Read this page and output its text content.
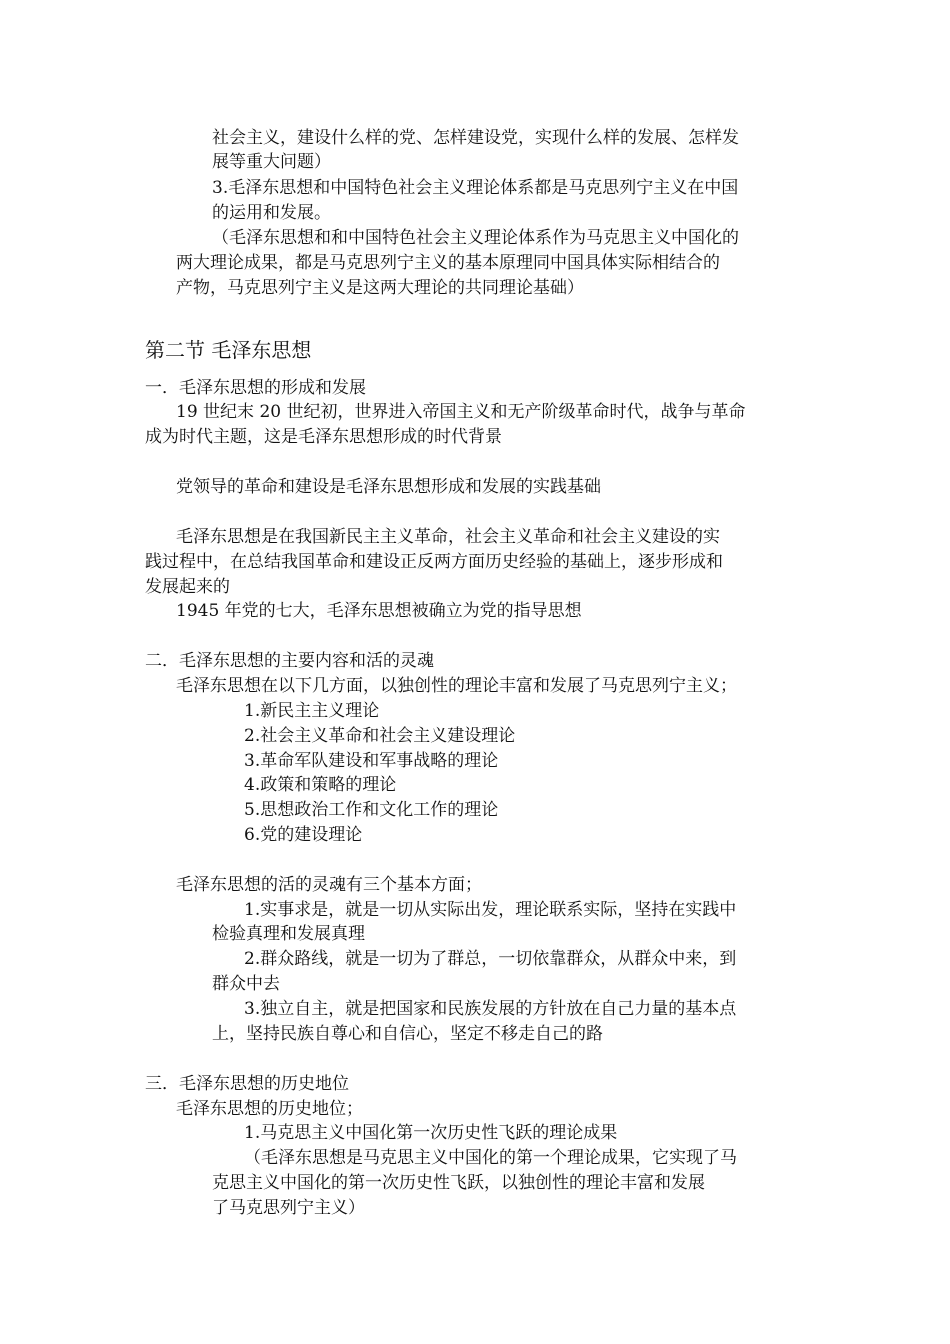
社会主义，建设什么样的党、怎样建设党，实现什么样的发展、怎样发
展等重大问题）
3.毛泽东思想和中国特色社会主义理论体系都是马克思列宁主义在中国
的运用和发展。
（毛泽东思想和和中国特色社会主义理论体系作为马克思主义中国化的
两大理论成果，都是马克思列宁主义的基本原理同中国具体实际相结合的
产物，马克思列宁主义是这两大理论的共同理论基础）
第二节 毛泽东思想
一．毛泽东思想的形成和发展
19 世纪末 20 世纪初，世界进入帝国主义和无产阶级革命时代，战争与革命
成为时代主题，这是毛泽东思想形成的时代背景
党领导的革命和建设是毛泽东思想形成和发展的实践基础
毛泽东思想是在我国新民主主义革命，社会主义革命和社会主义建设的实
践过程中，在总结我国革命和建设正反两方面历史经验的基础上，逐步形成和
发展起来的
1945 年党的七大，毛泽东思想被确立为党的指导思想
二．毛泽东思想的主要内容和活的灵魂
毛泽东思想在以下几方面，以独创性的理论丰富和发展了马克思列宁主义；
1.新民主主义理论
2.社会主义革命和社会主义建设理论
3.革命军队建设和军事战略的理论
4.政策和策略的理论
5.思想政治工作和文化工作的理论
6.党的建设理论
毛泽东思想的活的灵魂有三个基本方面；
1.实事求是，就是一切从实际出发，理论联系实际，坚持在实践中
检验真理和发展真理
2.群众路线，就是一切为了群总，一切依靠群众，从群众中来，到
群众中去
3.独立自主，就是把国家和民族发展的方针放在自己力量的基本点
上，坚持民族自尊心和自信心，坚定不移走自己的路
三．毛泽东思想的历史地位
毛泽东思想的历史地位；
1.马克思主义中国化第一次历史性飞跃的理论成果
（毛泽东思想是马克思主义中国化的第一个理论成果，它实现了马
克思主义中国化的第一次历史性飞跃，以独创性的理论丰富和发展
了马克思列宁主义）
